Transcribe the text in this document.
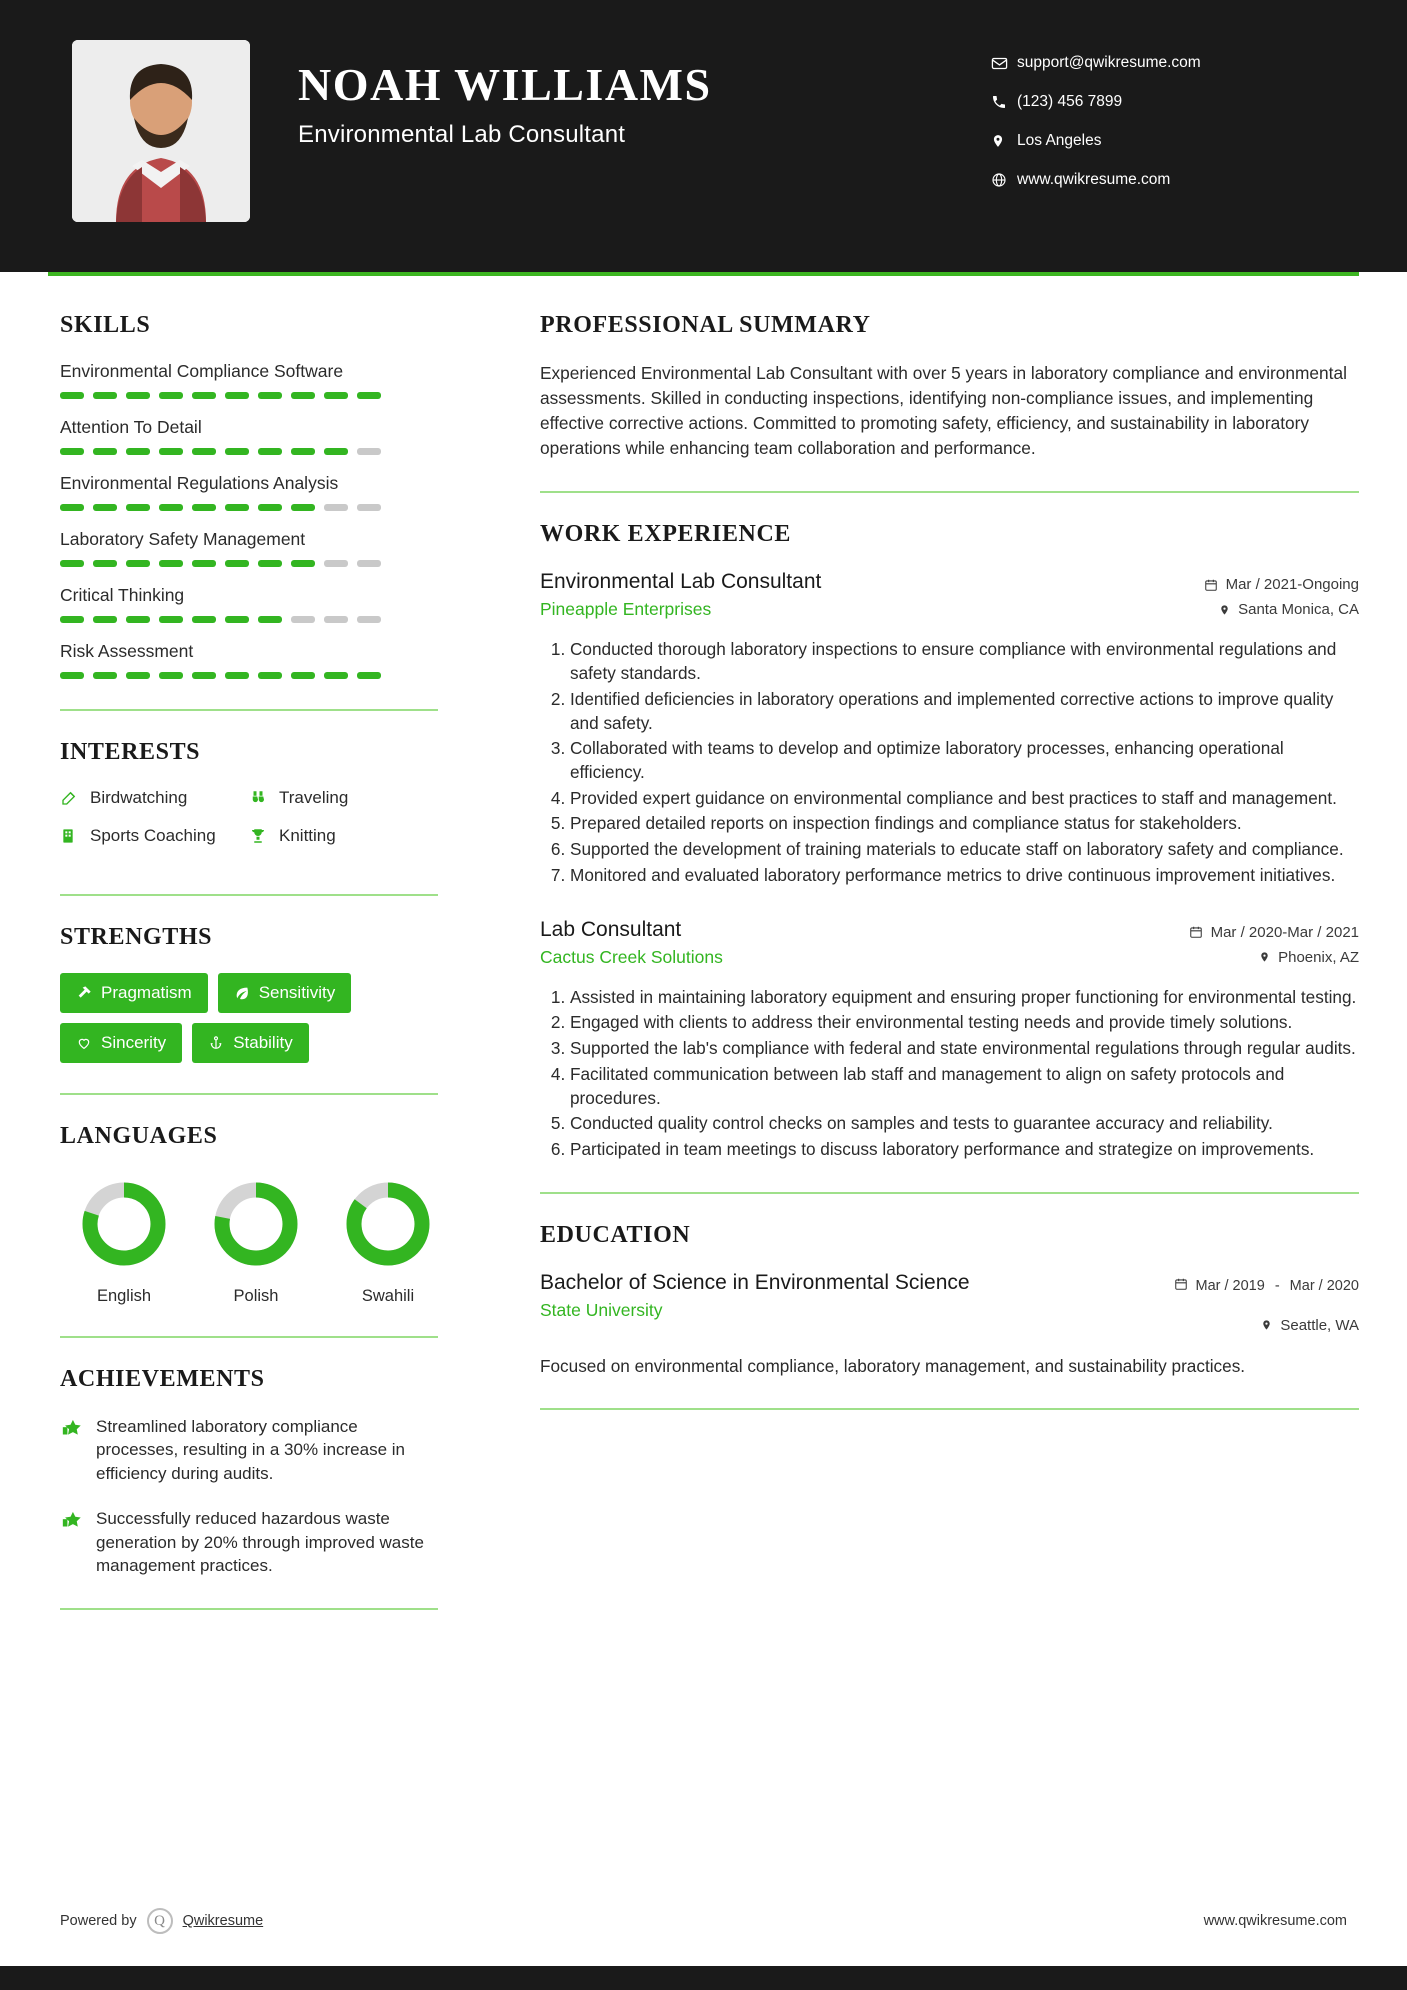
NOAH WILLIAMS
Environmental Lab Consultant
support@qwikresume.com
(123) 456 7899
Los Angeles
www.qwikresume.com
SKILLS
Environmental Compliance Software
Attention To Detail
Environmental Regulations Analysis
Laboratory Safety Management
Critical Thinking
Risk Assessment
INTERESTS
Birdwatching	Traveling
Sports Coaching	Knitting
STRENGTHS
Pragmatism	Sensitivity
Sincerity	Stability
LANGUAGES
English	Polish	Swahili
ACHIEVEMENTS
Streamlined laboratory compliance processes, resulting in a 30% increase in efficiency during audits.
Successfully reduced hazardous waste generation by 20% through improved waste management practices.
PROFESSIONAL SUMMARY
Experienced Environmental Lab Consultant with over 5 years in laboratory compliance and environmental assessments. Skilled in conducting inspections, identifying non-compliance issues, and implementing effective corrective actions. Committed to promoting safety, efficiency, and sustainability in laboratory operations while enhancing team collaboration and performance.
WORK EXPERIENCE
Environmental Lab Consultant
Pineapple Enterprises
Mar / 2021-Ongoing
Santa Monica, CA
1. Conducted thorough laboratory inspections to ensure compliance with environmental regulations and safety standards.
2. Identified deficiencies in laboratory operations and implemented corrective actions to improve quality and safety.
3. Collaborated with teams to develop and optimize laboratory processes, enhancing operational efficiency.
4. Provided expert guidance on environmental compliance and best practices to staff and management.
5. Prepared detailed reports on inspection findings and compliance status for stakeholders.
6. Supported the development of training materials to educate staff on laboratory safety and compliance.
7. Monitored and evaluated laboratory performance metrics to drive continuous improvement initiatives.
Lab Consultant
Cactus Creek Solutions
Mar / 2020-Mar / 2021
Phoenix, AZ
1. Assisted in maintaining laboratory equipment and ensuring proper functioning for environmental testing.
2. Engaged with clients to address their environmental testing needs and provide timely solutions.
3. Supported the lab's compliance with federal and state environmental regulations through regular audits.
4. Facilitated communication between lab staff and management to align on safety protocols and procedures.
5. Conducted quality control checks on samples and tests to guarantee accuracy and reliability.
6. Participated in team meetings to discuss laboratory performance and strategize on improvements.
EDUCATION
Bachelor of Science in Environmental Science
State University
Mar / 2019 - Mar / 2020
Seattle, WA
Focused on environmental compliance, laboratory management, and sustainability practices.
Powered by	Q	Qwikresume	www.qwikresume.com
